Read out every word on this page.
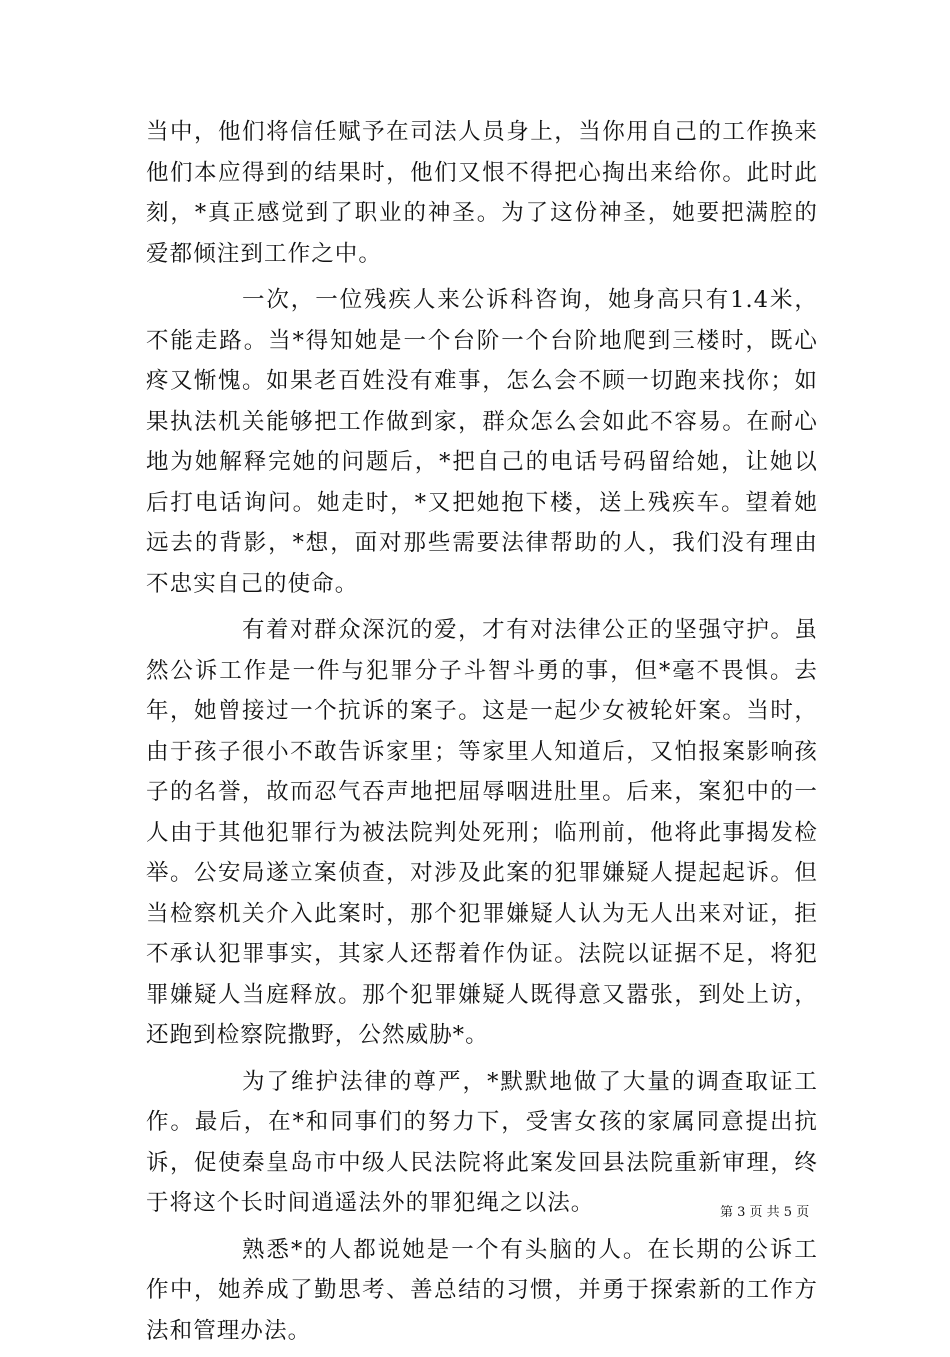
当中，他们将信任赋予在司法人员身上，当你用自己的工作换来他们本应得到的结果时，他们又恨不得把心掏出来给你。此时此刻，*真正感觉到了职业的神圣。为了这份神圣，她要把满腔的爱都倾注到工作之中。

一次，一位残疾人来公诉科咨询，她身高只有1.4米，不能走路。当*得知她是一个台阶一个台阶地爬到三楼时，既心疼又惭愧。如果老百姓没有难事，怎么会不顾一切跑来找你；如果执法机关能够把工作做到家，群众怎么会如此不容易。在耐心地为她解释完她的问题后，*把自己的电话号码留给她，让她以后打电话询问。她走时，*又把她抱下楼，送上残疾车。望着她远去的背影，*想，面对那些需要法律帮助的人，我们没有理由不忠实自己的使命。

有着对群众深沉的爱，才有对法律公正的坚强守护。虽然公诉工作是一件与犯罪分子斗智斗勇的事，但*毫不畏惧。去年，她曾接过一个抗诉的案子。这是一起少女被轮奸案。当时，由于孩子很小不敢告诉家里；等家里人知道后，又怕报案影响孩子的名誉，故而忍气吞声地把屈辱咽进肚里。后来，案犯中的一人由于其他犯罪行为被法院判处死刑；临刑前，他将此事揭发检举。公安局遂立案侦查，对涉及此案的犯罪嫌疑人提起起诉。但当检察机关介入此案时，那个犯罪嫌疑人认为无人出来对证，拒不承认犯罪事实，其家人还帮着作伪证。法院以证据不足，将犯罪嫌疑人当庭释放。那个犯罪嫌疑人既得意又嚣张，到处上访，还跑到检察院撒野，公然威胁*。

为了维护法律的尊严，*默默地做了大量的调查取证工作。最后，在*和同事们的努力下，受害女孩的家属同意提出抗诉，促使秦皇岛市中级人民法院将此案发回县法院重新审理，终于将这个长时间逍遥法外的罪犯绳之以法。

熟悉*的人都说她是一个有头脑的人。在长期的公诉工作中，她养成了勤思考、善总结的习惯，并勇于探索新的工作方法和管理办法。

第 3 页 共 5 页
